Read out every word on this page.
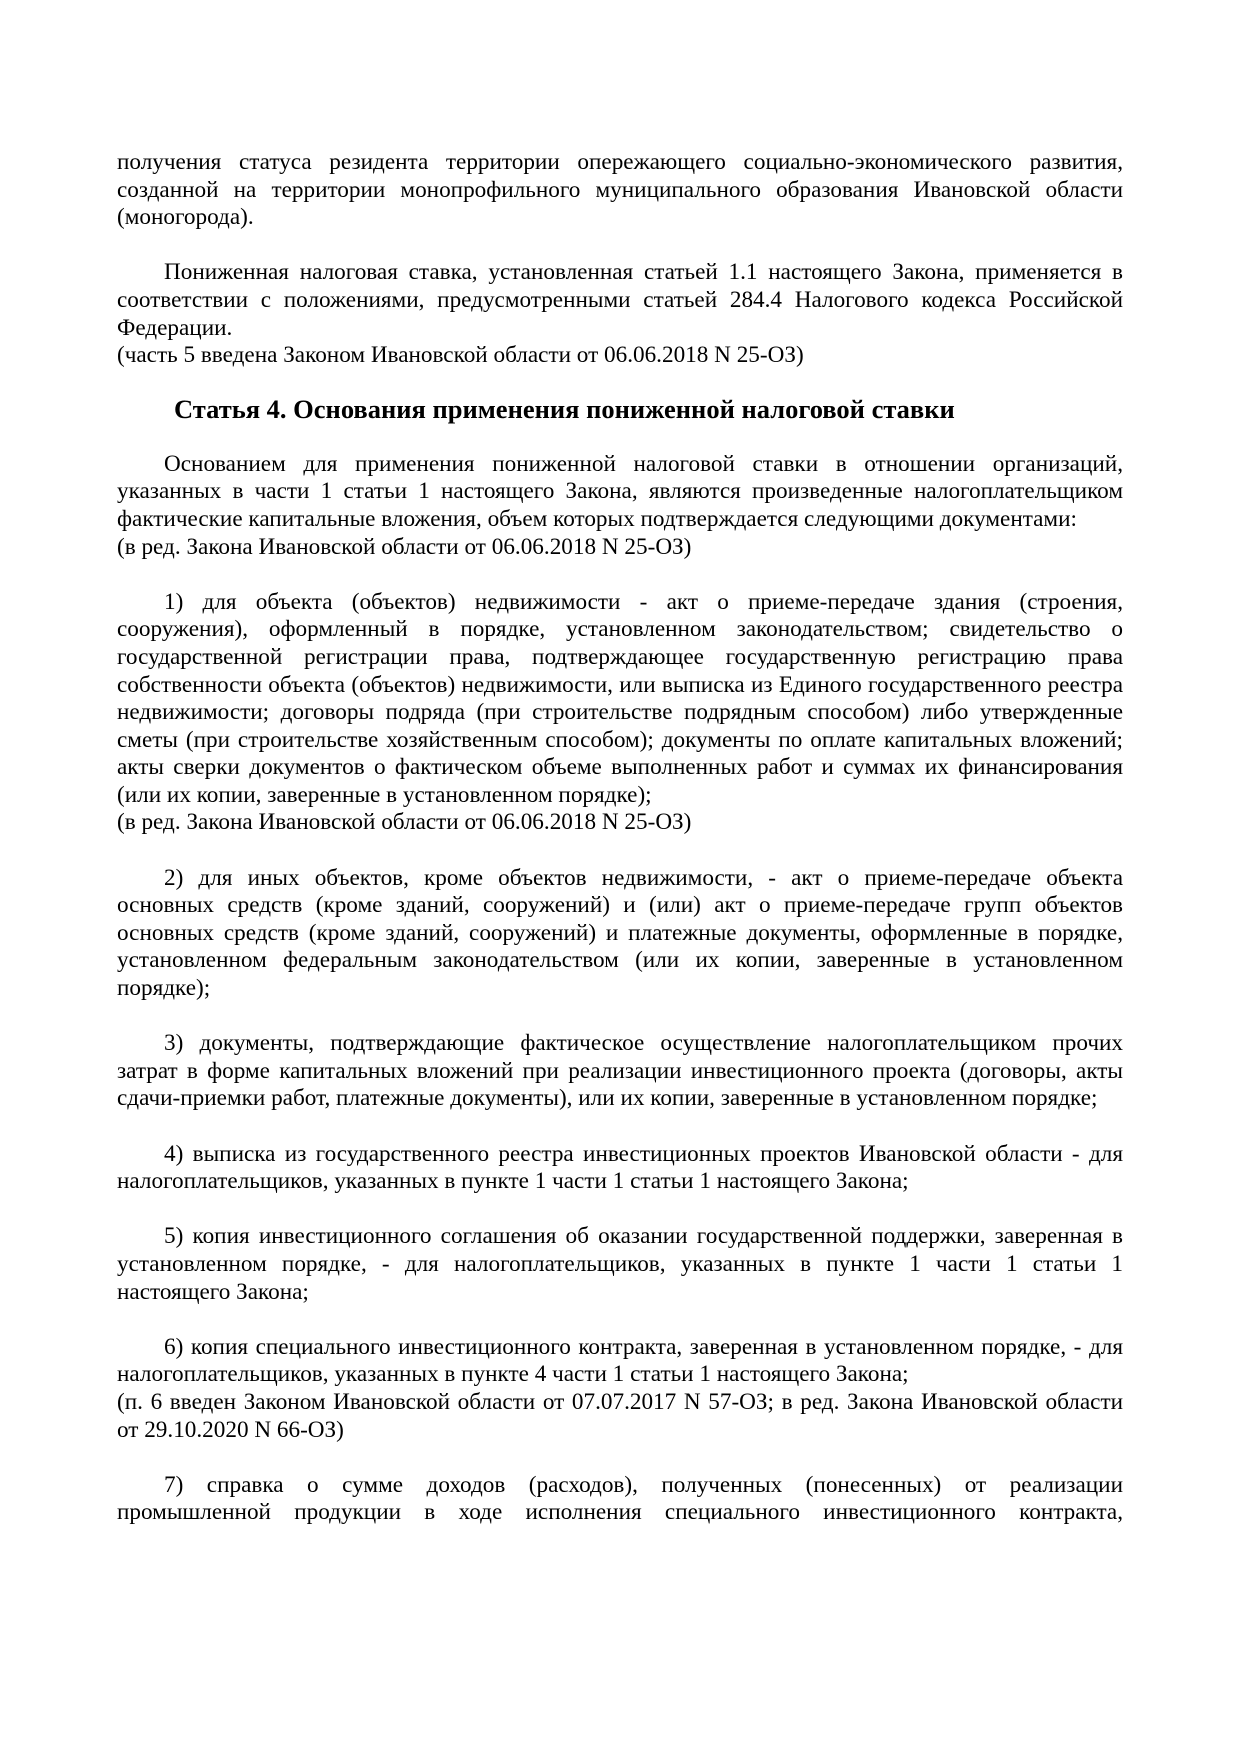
получения статуса резидента территории опережающего социально-экономического развития, созданной на территории монопрофильного муниципального образования Ивановской области (моногорода).

Пониженная налоговая ставка, установленная статьей 1.1 настоящего Закона, применяется в соответствии с положениями, предусмотренными статьей 284.4 Налогового кодекса Российской Федерации.

(часть 5 введена Законом Ивановской области от 06.06.2018 N 25-ОЗ)

Статья 4. Основания применения пониженной налоговой ставки

Основанием для применения пониженной налоговой ставки в отношении организаций, указанных в части 1 статьи 1 настоящего Закона, являются произведенные налогоплательщиком фактические капитальные вложения, объем которых подтверждается следующими документами:

(в ред. Закона Ивановской области от 06.06.2018 N 25-ОЗ)

1) для объекта (объектов) недвижимости - акт о приеме-передаче здания (строения, сооружения), оформленный в порядке, установленном законодательством; свидетельство о государственной регистрации права, подтверждающее государственную регистрацию права собственности объекта (объектов) недвижимости, или выписка из Единого государственного реестра недвижимости; договоры подряда (при строительстве подрядным способом) либо утвержденные сметы (при строительстве хозяйственным способом); документы по оплате капитальных вложений; акты сверки документов о фактическом объеме выполненных работ и суммах их финансирования (или их копии, заверенные в установленном порядке);

(в ред. Закона Ивановской области от 06.06.2018 N 25-ОЗ)

2) для иных объектов, кроме объектов недвижимости, - акт о приеме-передаче объекта основных средств (кроме зданий, сооружений) и (или) акт о приеме-передаче групп объектов основных средств (кроме зданий, сооружений) и платежные документы, оформленные в порядке, установленном федеральным законодательством (или их копии, заверенные в установленном порядке);

3) документы, подтверждающие фактическое осуществление налогоплательщиком прочих затрат в форме капитальных вложений при реализации инвестиционного проекта (договоры, акты сдачи-приемки работ, платежные документы), или их копии, заверенные в установленном порядке;

4) выписка из государственного реестра инвестиционных проектов Ивановской области - для налогоплательщиков, указанных в пункте 1 части 1 статьи 1 настоящего Закона;

5) копия инвестиционного соглашения об оказании государственной поддержки, заверенная в установленном порядке, - для налогоплательщиков, указанных в пункте 1 части 1 статьи 1 настоящего Закона;

6) копия специального инвестиционного контракта, заверенная в установленном порядке, - для налогоплательщиков, указанных в пункте 4 части 1 статьи 1 настоящего Закона;

(п. 6 введен Законом Ивановской области от 07.07.2017 N 57-ОЗ; в ред. Закона Ивановской области от 29.10.2020 N 66-ОЗ)

7) справка о сумме доходов (расходов), полученных (понесенных) от реализации промышленной продукции в ходе исполнения специального инвестиционного контракта,
